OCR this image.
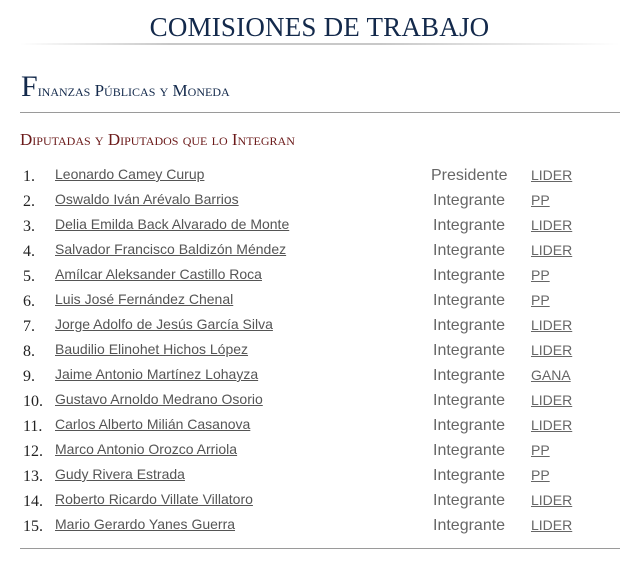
COMISIONES DE TRABAJO
Finanzas Públicas y Moneda
Diputadas y Diputados que lo Integran
1. Leonardo Camey Curup	Presidente LIDER
2. Oswaldo Iván Arévalo Barrios	Integrante PP
3. Delia Emilda Back Alvarado de Monte	Integrante LIDER
4. Salvador Francisco Baldizón Méndez	Integrante LIDER
5. Amílcar Aleksander Castillo Roca	Integrante PP
6. Luis José Fernández Chenal	Integrante PP
7. Jorge Adolfo de Jesús García Silva	Integrante LIDER
8. Baudilio Elinohet Hichos López	Integrante LIDER
9. Jaime Antonio Martínez Lohayza	Integrante GANA
10. Gustavo Arnoldo Medrano Osorio	Integrante LIDER
11. Carlos Alberto Milián Casanova	Integrante LIDER
12. Marco Antonio Orozco Arriola	Integrante PP
13. Gudy Rivera Estrada	Integrante PP
14. Roberto Ricardo Villate Villatoro	Integrante LIDER
15. Mario Gerardo Yanes Guerra	Integrante LIDER
